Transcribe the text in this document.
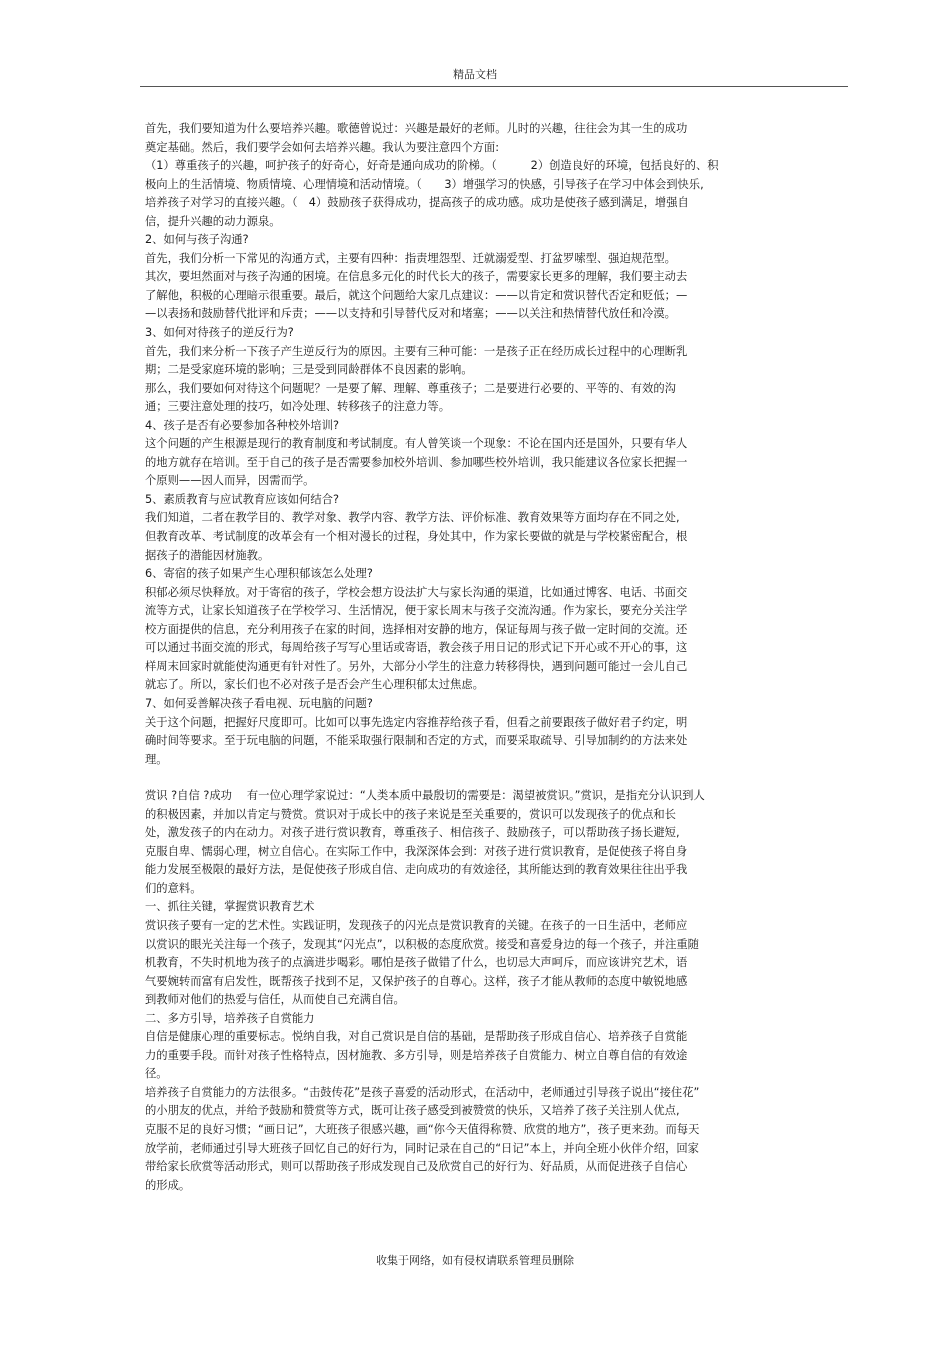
精品文档
首先，我们要知道为什么要培养兴趣。歌德曾说过：兴趣是最好的老师。儿时的兴趣，往往会为其一生的成功
奠定基础。然后，我们要学会如何去培养兴趣。我认为要注意四个方面:
（1）尊重孩子的兴趣，呵护孩子的好奇心，好奇是通向成功的阶梯。（　　　2）创造良好的环境，包括良好的、积
极向上的生活情境、物质情境、心理情境和活动情境。（　　3）增强学习的快感，引导孩子在学习中体会到快乐,
培养孩子对学习的直接兴趣。（　4）鼓励孩子获得成功，提高孩子的成功感。成功是使孩子感到满足，增强自
信，提升兴趣的动力源泉。
2、如何与孩子沟通?
首先，我们分析一下常见的沟通方式，主要有四种：指责埋怨型、迁就溺爱型、打盆罗嗦型、强迫规范型。
其次，要坦然面对与孩子沟通的困境。在信息多元化的时代长大的孩子，需要家长更多的理解，我们要主动去
了解他，积极的心理暗示很重要。最后，就这个问题给大家几点建议：——以肯定和赏识替代否定和贬低；—
—以表扬和鼓励替代批评和斥责；——以支持和引导替代反对和堵塞；——以关注和热情替代放任和冷漠。
3、如何对待孩子的逆反行为?
首先，我们来分析一下孩子产生逆反行为的原因。主要有三种可能：一是孩子正在经历成长过程中的心理断乳
期；二是受家庭环境的影响；三是受到同龄群体不良因素的影响。
那么，我们要如何对待这个问题呢？一是要了解、理解、尊重孩子；二是要进行必要的、平等的、有效的沟
通；三要注意处理的技巧，如冷处理、转移孩子的注意力等。
4、孩子是否有必要参加各种校外培训?
这个问题的产生根源是现行的教育制度和考试制度。有人曾笑谈一个现象：不论在国内还是国外，只要有华人
的地方就存在培训。至于自己的孩子是否需要参加校外培训、参加哪些校外培训，我只能建议各位家长把握一
个原则——因人而异，因需而学。
5、素质教育与应试教育应该如何结合?
我们知道，二者在教学目的、教学对象、教学内容、教学方法、评价标准、教育效果等方面均存在不同之处,
但教育改革、考试制度的改革会有一个相对漫长的过程，身处其中，作为家长要做的就是与学校紧密配合，根
据孩子的潜能因材施教。
6、寄宿的孩子如果产生心理积郁该怎么处理?
积郁必须尽快释放。对于寄宿的孩子，学校会想方设法扩大与家长沟通的渠道，比如通过博客、电话、书面交
流等方式，让家长知道孩子在学校学习、生活情况，便于家长周末与孩子交流沟通。作为家长，要充分关注学
校方面提供的信息，充分利用孩子在家的时间，选择相对安静的地方，保证每周与孩子做一定时间的交流。还
可以通过书面交流的形式，每周给孩子写写心里话或寄语，教会孩子用日记的形式记下开心或不开心的事，这
样周末回家时就能使沟通更有针对性了。另外，大部分小学生的注意力转移得快，遇到问题可能过一会儿自己
就忘了。所以，家长们也不必对孩子是否会产生心理积郁太过焦虑。
7、如何妥善解决孩子看电视、玩电脑的问题?
关于这个问题，把握好尺度即可。比如可以事先选定内容推荐给孩子看，但看之前要跟孩子做好君子约定，明
确时间等要求。至于玩电脑的问题，不能采取强行限制和否定的方式，而要采取疏导、引导加制约的方法来处
理。
赏识 ?自信 ?成功　 有一位心理学家说过：“人类本质中最殷切的需要是：渴望被赏识。”赏识，是指充分认识到人
的积极因素，并加以肯定与赞赏。赏识对于成长中的孩子来说是至关重要的，赏识可以发现孩子的优点和长
处，激发孩子的内在动力。对孩子进行赏识教育，尊重孩子、相信孩子、鼓励孩子，可以帮助孩子扬长避短,
克服自卑、懦弱心理，树立自信心。在实际工作中，我深深体会到：对孩子进行赏识教育，是促使孩子将自身
能力发展至极限的最好方法，是促使孩子形成自信、走向成功的有效途径，其所能达到的教育效果往往出乎我
们的意料。
一、抓往关键，掌握赏识教育艺术
赏识孩子要有一定的艺术性。实践证明，发现孩子的闪光点是赏识教育的关键。在孩子的一日生活中，老师应
以赏识的眼光关注每一个孩子，发现其“闪光点”，以积极的态度欣赏。接受和喜爱身边的每一个孩子，并注重随
机教育，不失时机地为孩子的点滴进步喝彩。哪怕是孩子做错了什么，也切忌大声呵斥，而应该讲究艺术，语
气要婉转而富有启发性，既帮孩子找到不足，又保护孩子的自尊心。这样，孩子才能从教师的态度中敏锐地感
到教师对他们的热爱与信任，从而使自己充满自信。
二、多方引导，培养孩子自赏能力
自信是健康心理的重要标志。悦纳自我，对自己赏识是自信的基础，是帮助孩子形成自信心、培养孩子自赏能
力的重要手段。而针对孩子性格特点，因材施教、多方引导，则是培养孩子自赏能力、树立自尊自信的有效途
径。
培养孩子自赏能力的方法很多。“击鼓传花”是孩子喜爱的活动形式，在活动中，老师通过引导孩子说出“接住花”
的小朋友的优点，并给予鼓励和赞赏等方式，既可让孩子感受到被赞赏的快乐，又培养了孩子关注别人优点,
克服不足的良好习惯；“画日记”，大班孩子很感兴趣，画“你今天值得称赞、欣赏的地方”，孩子更来劲。而每天
放学前，老师通过引导大班孩子回忆自己的好行为，同时记录在自己的“日记”本上，并向全班小伙伴介绍，回家
带给家长欣赏等活动形式，则可以帮助孩子形成发现自己及欣赏自己的好行为、好品质，从而促进孩子自信心
的形成。
收集于网络，如有侵权请联系管理员删除
